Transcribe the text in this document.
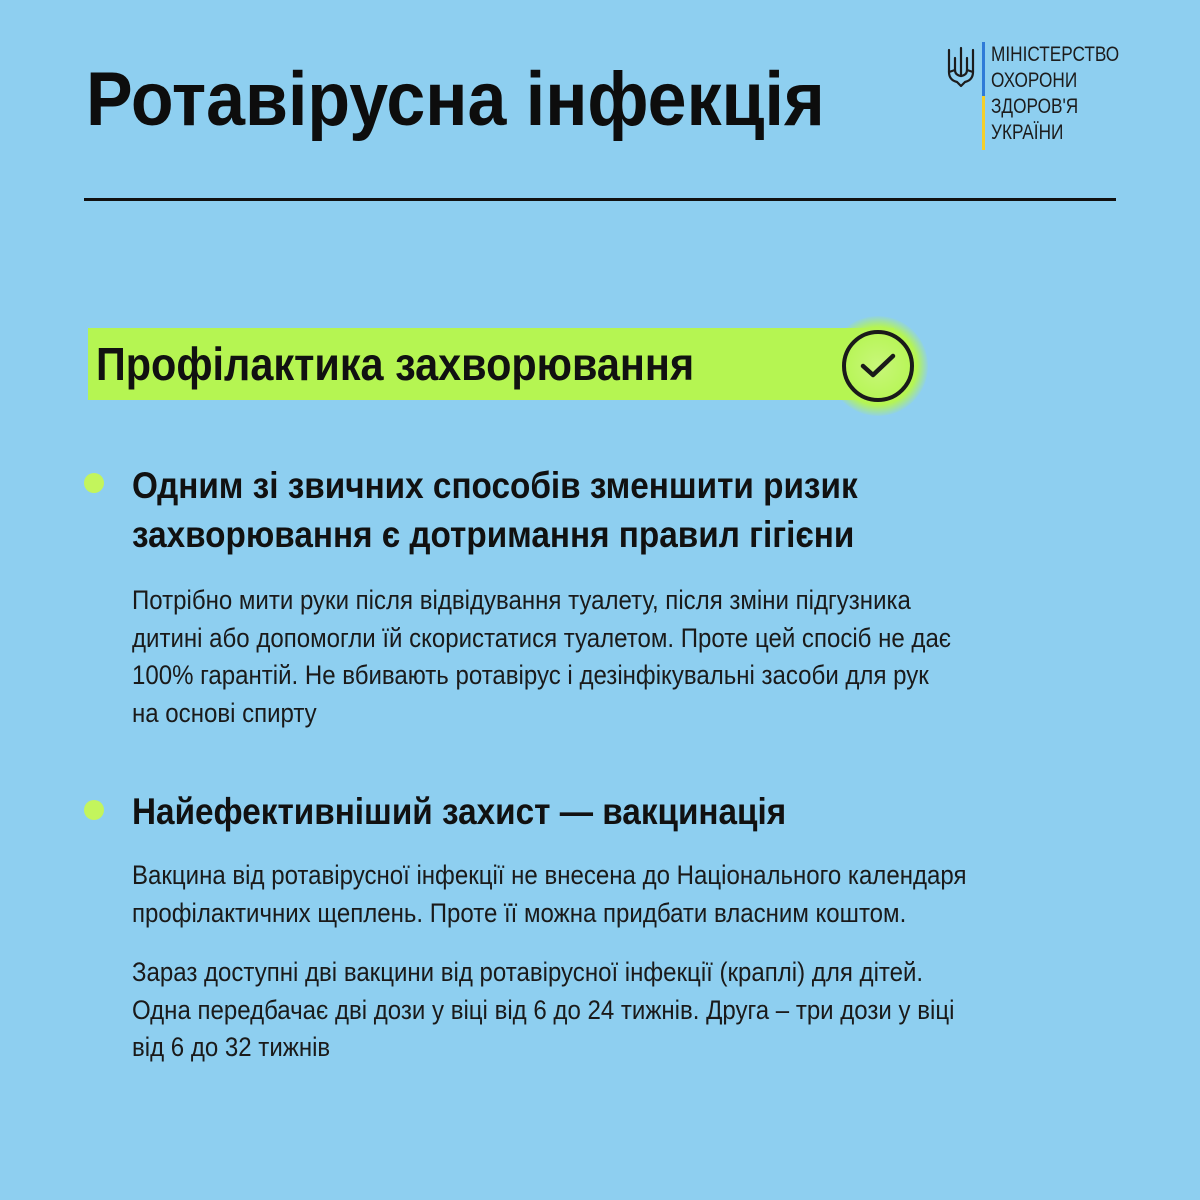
Ротавірусна інфекція
МІНІСТЕРСТВО
ОХОРОНИ
ЗДОРОВ'Я
УКРАЇНИ
Профілактика захворювання
Одним зі звичних способів зменшити ризик
захворювання є дотримання правил гігієни

Потрібно мити руки після відвідування туалету, після зміни підгузника
дитині або допомогли їй скористатися туалетом. Проте цей спосіб не дає
100% гарантій. Не вбивають ротавірус і дезінфікувальні засоби для рук
на основі спирту

Найефективніший захист — вакцинація

Вакцина від ротавірусної інфекції не внесена до Національного календаря
профілактичних щеплень. Проте її можна придбати власним коштом.

Зараз доступні дві вакцини від ротавірусної інфекції (краплі) для дітей.
Одна передбачає дві дози у віці від 6 до 24 тижнів. Друга – три дози у віці
від 6 до 32 тижнів
